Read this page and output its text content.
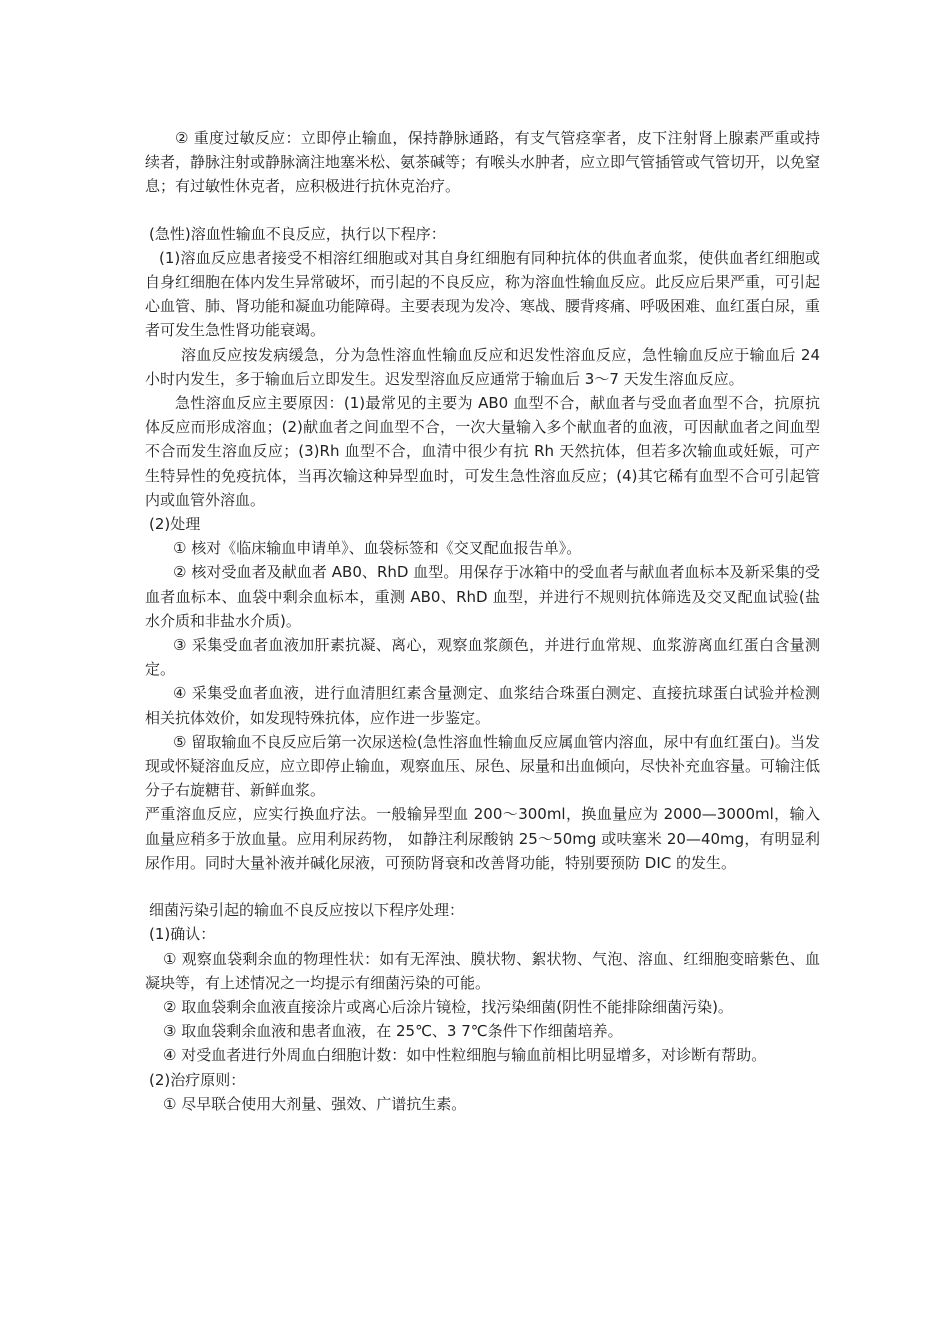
② 重度过敏反应：立即停止输血，保持静脉通路，有支气管痉挛者，皮下注射肾上腺素严重或持续者，静脉注射或静脉滴注地塞米松、氨茶碱等；有喉头水肿者，应立即气管插管或气管切开，以免窒息；有过敏性休克者，应积极进行抗休克治疗。

(急性)溶血性输血不良反应，执行以下程序：

(1)溶血反应患者接受不相溶红细胞或对其自身红细胞有同种抗体的供血者血浆，使供血者红细胞或自身红细胞在体内发生异常破坏，而引起的不良反应，称为溶血性输血反应。此反应后果严重，可引起心血管、肺、肾功能和凝血功能障碍。主要表现为发冷、寒战、腰背疼痛、呼吸困难、血红蛋白尿，重者可发生急性肾功能衰竭。

溶血反应按发病缓急，分为急性溶血性输血反应和迟发性溶血反应，急性输血反应于输血后 24 小时内发生，多于输血后立即发生。迟发型溶血反应通常于输血后 3～7 天发生溶血反应。

急性溶血反应主要原因：(1)最常见的主要为 AB0 血型不合，献血者与受血者血型不合，抗原抗体反应而形成溶血；(2)献血者之间血型不合，一次大量输入多个献血者的血液，可因献血者之间血型不合而发生溶血反应；(3)Rh 血型不合，血清中很少有抗 Rh 天然抗体，但若多次输血或妊娠，可产生特异性的免疫抗体，当再次输这种异型血时，可发生急性溶血反应；(4)其它稀有血型不合可引起管内或血管外溶血。

(2)处理

① 核对《临床输血申请单》、血袋标签和《交叉配血报告单》。

② 核对受血者及献血者 AB0、RhD 血型。用保存于冰箱中的受血者与献血者血标本及新采集的受血者血标本、血袋中剩余血标本，重测 AB0、RhD 血型，并进行不规则抗体筛选及交叉配血试验(盐水介质和非盐水介质)。

③ 采集受血者血液加肝素抗凝、离心，观察血浆颜色，并进行血常规、血浆游离血红蛋白含量测定。

④ 采集受血者血液，进行血清胆红素含量测定、血浆结合珠蛋白测定、直接抗球蛋白试验并检测相关抗体效价，如发现特殊抗体，应作进一步鉴定。

⑤ 留取输血不良反应后第一次尿送检(急性溶血性输血反应属血管内溶血，尿中有血红蛋白)。当发现或怀疑溶血反应，应立即停止输血，观察血压、尿色、尿量和出血倾向，尽快补充血容量。可输注低分子右旋糖苷、新鲜血浆。

严重溶血反应，应实行换血疗法。一般输异型血 200～300ml，换血量应为 2000—3000ml，输入血量应稍多于放血量。应用利尿药物， 如静注利尿酸钠 25～50mg 或呋塞米 20—40mg，有明显利尿作用。同时大量补液并碱化尿液，可预防肾衰和改善肾功能，特别要预防 DIC 的发生。

细菌污染引起的输血不良反应按以下程序处理：

(1)确认：

① 观察血袋剩余血的物理性状：如有无浑浊、膜状物、絮状物、气泡、溶血、红细胞变暗紫色、血凝块等，有上述情况之一均提示有细菌污染的可能。

② 取血袋剩余血液直接涂片或离心后涂片镜检，找污染细菌(阴性不能排除细菌污染)。

③ 取血袋剩余血液和患者血液，在 25℃、3 7℃条件下作细菌培养。

④ 对受血者进行外周血白细胞计数：如中性粒细胞与输血前相比明显增多，对诊断有帮助。

(2)治疗原则：

① 尽早联合使用大剂量、强效、广谱抗生素。
